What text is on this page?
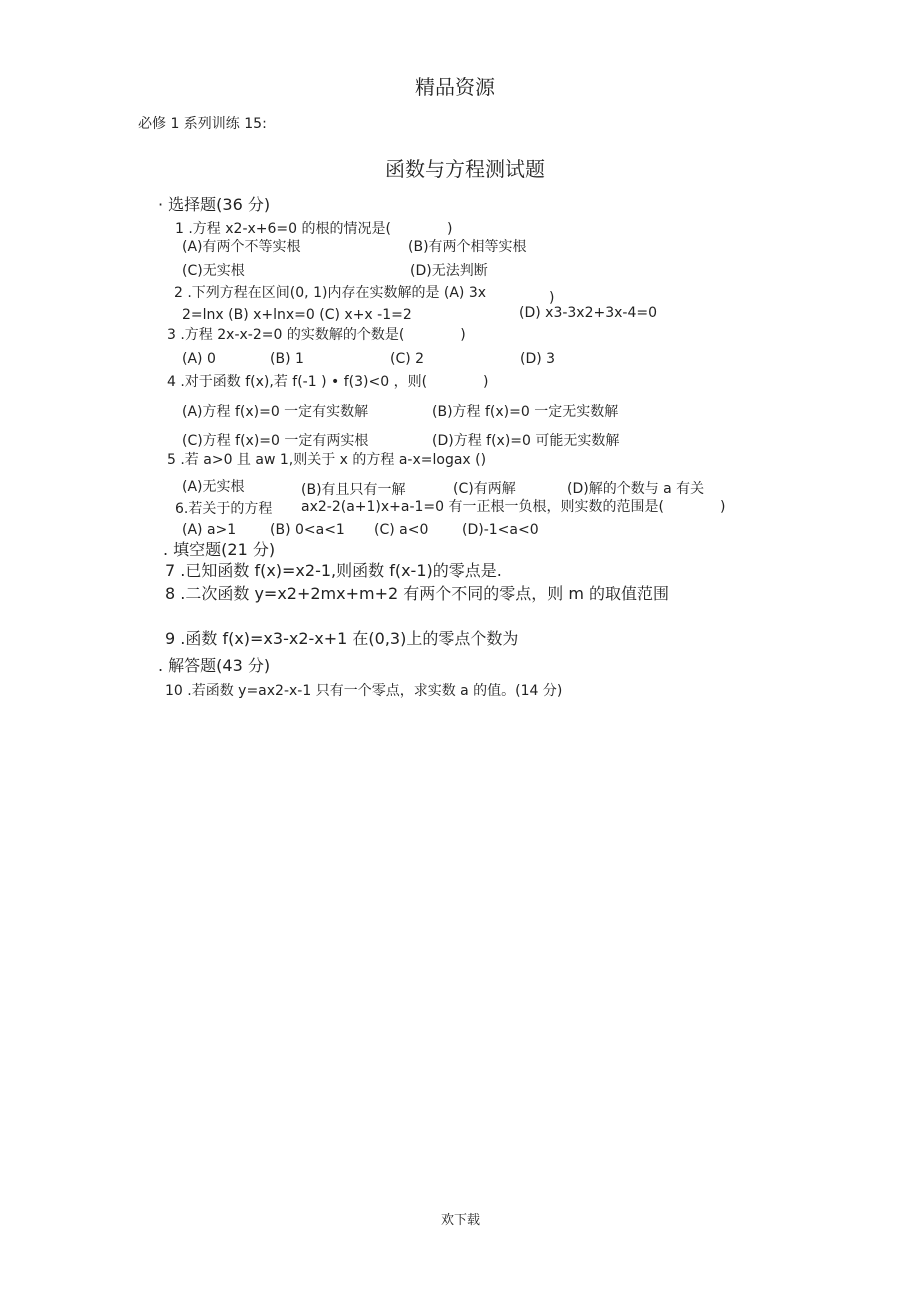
精品资源
必修 1 系列训练 15:
函数与方程测试题
· 选择题(36 分)
1 .方程 x2-x+6=0 的根的情况是(　　　　)
(A)有两个不等实根	(B)有两个相等实根
(C)无实根	(D)无法判断
2 .下列方程在区间(0, 1)内存在实数解的是 (A) 3x	)
2=lnx (B) x+lnx=0 (C) x+x -1=2	(D) x3-3x2+3x-4=0
3 .方程 2x-x-2=0 的实数解的个数是(　　　　)
(A) 0	(B) 1	(C) 2	(D) 3
4 .对于函数 f(x),若 f(-1 ) • f(3)<0 ，则(　　　　)
(A)方程 f(x)=0 一定有实数解	(B)方程 f(x)=0 一定无实数解
(C)方程 f(x)=0 一定有两实根	(D)方程 f(x)=0 可能无实数解
5 .若 a>0 且 aw 1,则关于 x 的方程 a-x=logax ()
(A)无实根	(B)有且只有一解	(C)有两解	(D)解的个数与 a 有关
6.若关于的方程 ax2-2(a+1)x+a-1=0 有一正根一负根，则实数的范围是(　　　　)
(A) a>1 (B) 0<a<1 (C) a<0 (D)-1<a<0
. 填空题(21 分)
7 .已知函数 f(x)=x2-1,则函数 f(x-1)的零点是.
8 .二次函数 y=x2+2mx+m+2 有两个不同的零点，则 m 的取值范围
9 .函数 f(x)=x3-x2-x+1 在(0,3)上的零点个数为
. 解答题(43 分)
10 .若函数 y=ax2-x-1 只有一个零点，求实数 a 的值。(14 分)
欢下载
